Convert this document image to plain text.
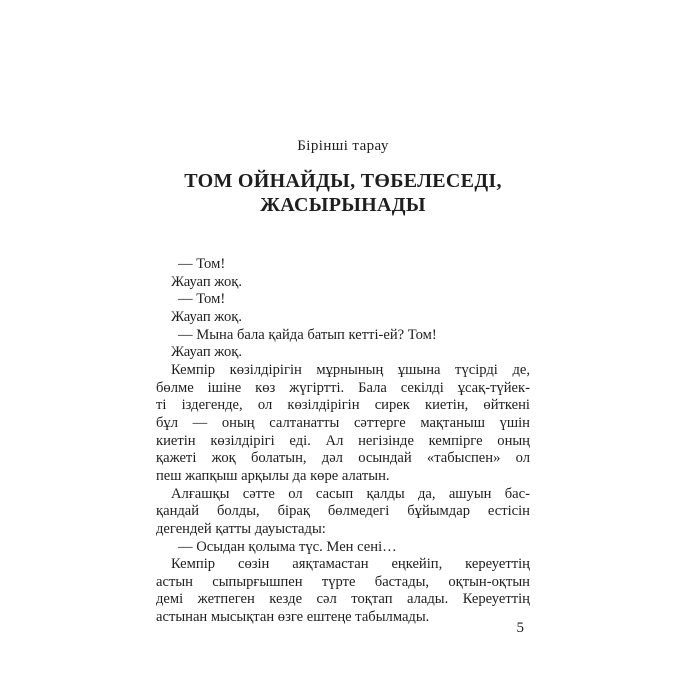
Бірінші тарау
ТОМ ОЙНАЙДЫ, ТӨБЕЛЕСЕДІ,
ЖАСЫРЫНАДЫ
— Том!
Жауап жоқ.
— Том!
Жауап жоқ.
— Мына бала қайда батып кетті-ей? Том!
Жауап жоқ.
Кемпір көзілдірігін мұрнының ұшына түсірді де,
бөлме ішіне көз жүгіртті. Бала секілді ұсақ-түйек-
ті іздегенде, ол көзілдірігін сирек киетін, өйткені
бұл — оның салтанатты сәттерге мақтаныш үшін
киетін көзілдірігі еді. Ал негізінде кемпірге оның
қажеті жоқ болатын, дәл осындай «табыспен» ол
пеш жапқыш арқылы да көре алатын.
Алғашқы сәтте ол сасып қалды да, ашуын бас-
қандай болды, бірақ бөлмедегі бұйымдар естісін
дегендей қатты дауыстады:
— Осыдан қолыма түс. Мен сені…
Кемпір сөзін аяқтамастан еңкейіп, кереуеттің
астын сыпырғышпен түрте бастады, оқтын-оқтын
демі жетпеген кезде сәл тоқтап алады. Кереуеттің
астынан мысықтан өзге ештеңе табылмады.
5
